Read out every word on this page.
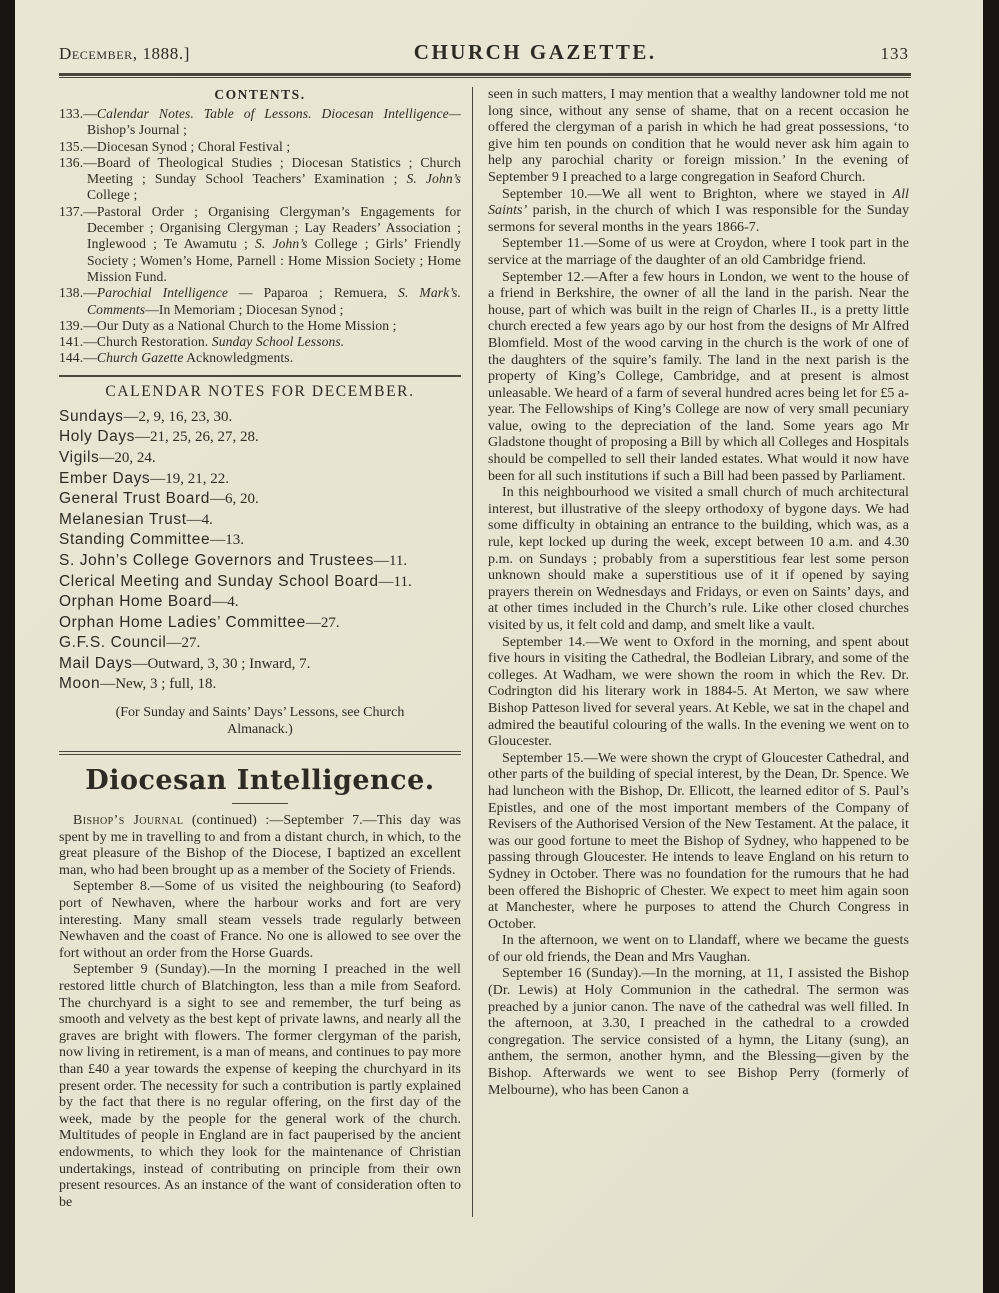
December, 1888.]	CHURCH GAZETTE.	133
CONTENTS.
133.—Calendar Notes. Table of Lessons. Diocesan Intelligence—Bishop’s Journal ;
135.—Diocesan Synod ; Choral Festival ;
136.—Board of Theological Studies ; Diocesan Statistics ; Church Meeting ; Sunday School Teachers’ Examination ; S. John’s College ;
137.—Pastoral Order ; Organising Clergyman’s Engagements for December ; Organising Clergyman ; Lay Readers’ Association ; Inglewood ; Te Awamutu ; S. John’s College ; Girls’ Friendly Society ; Women’s Home, Parnell : Home Mission Society ; Home Mission Fund.
138.—Parochial Intelligence — Paparoa ; Remuera, S. Mark’s. Comments—In Memoriam ; Diocesan Synod ;
139.—Our Duty as a National Church to the Home Mission ;
141.—Church Restoration. Sunday School Lessons.
144.—Church Gazette Acknowledgments.
CALENDAR NOTES FOR DECEMBER.
Sundays—2, 9, 16, 23, 30.
Holy Days—21, 25, 26, 27, 28.
Vigils—20, 24.
Ember Days—19, 21, 22.
General Trust Board—6, 20.
Melanesian Trust—4.
Standing Committee—13.
S. John’s College Governors and Trustees—11.
Clerical Meeting and Sunday School Board—11.
Orphan Home Board—4.
Orphan Home Ladies’ Committee—27.
G.F.S. Council—27.
Mail Days—Outward, 3, 30 ; Inward, 7.
Moon—New, 3 ; full, 18.
(For Sunday and Saints’ Days’ Lessons, see Church Almanack.)
Diocesan Intelligence.
Bishop’s Journal (continued) :—September 7.—This day was spent by me in travelling to and from a distant church, in which, to the great pleasure of the Bishop of the Diocese, I baptized an excellent man, who had been brought up as a member of the Society of Friends.
September 8.—Some of us visited the neighbouring (to Seaford) port of Newhaven, where the harbour works and fort are very interesting. Many small steam vessels trade regularly between Newhaven and the coast of France. No one is allowed to see over the fort without an order from the Horse Guards.
September 9 (Sunday).—In the morning I preached in the well restored little church of Blatchington, less than a mile from Seaford. The churchyard is a sight to see and remember, the turf being as smooth and velvety as the best kept of private lawns, and nearly all the graves are bright with flowers. The former clergyman of the parish, now living in retirement, is a man of means, and continues to pay more than £40 a year towards the expense of keeping the churchyard in its present order. The necessity for such a contribution is partly explained by the fact that there is no regular offering, on the first day of the week, made by the people for the general work of the church. Multitudes of people in England are in fact pauperised by the ancient endowments, to which they look for the maintenance of Christian undertakings, instead of contributing on principle from their own present resources. As an instance of the want of consideration often to be
seen in such matters, I may mention that a wealthy landowner told me not long since, without any sense of shame, that on a recent occasion he offered the clergyman of a parish in which he had great possessions, ‘to give him ten pounds on condition that he would never ask him again to help any parochial charity or foreign mission.’ In the evening of September 9 I preached to a large congregation in Seaford Church.
September 10.—We all went to Brighton, where we stayed in All Saints’ parish, in the church of which I was responsible for the Sunday sermons for several months in the years 1866-7.
September 11.—Some of us were at Croydon, where I took part in the service at the marriage of the daughter of an old Cambridge friend.
September 12.—After a few hours in London, we went to the house of a friend in Berkshire, the owner of all the land in the parish. Near the house, part of which was built in the reign of Charles II., is a pretty little church erected a few years ago by our host from the designs of Mr Alfred Blomfield. Most of the wood carving in the church is the work of one of the daughters of the squire’s family. The land in the next parish is the property of King’s College, Cambridge, and at present is almost unleasable. We heard of a farm of several hundred acres being let for £5 a-year. The Fellowships of King’s College are now of very small pecuniary value, owing to the depreciation of the land. Some years ago Mr Gladstone thought of proposing a Bill by which all Colleges and Hospitals should be compelled to sell their landed estates. What would it now have been for all such institutions if such a Bill had been passed by Parliament.
In this neighbourhood we visited a small church of much architectural interest, but illustrative of the sleepy orthodoxy of bygone days. We had some difficulty in obtaining an entrance to the building, which was, as a rule, kept locked up during the week, except between 10 a.m. and 4.30 p.m. on Sundays ; probably from a superstitious fear lest some person unknown should make a superstitious use of it if opened by saying prayers therein on Wednesdays and Fridays, or even on Saints’ days, and at other times included in the Church’s rule. Like other closed churches visited by us, it felt cold and damp, and smelt like a vault.
September 14.—We went to Oxford in the morning, and spent about five hours in visiting the Cathedral, the Bodleian Library, and some of the colleges. At Wadham, we were shown the room in which the Rev. Dr. Codrington did his literary work in 1884-5. At Merton, we saw where Bishop Patteson lived for several years. At Keble, we sat in the chapel and admired the beautiful colouring of the walls. In the evening we went on to Gloucester.
September 15.—We were shown the crypt of Gloucester Cathedral, and other parts of the building of special interest, by the Dean, Dr. Spence. We had luncheon with the Bishop, Dr. Ellicott, the learned editor of S. Paul’s Epistles, and one of the most important members of the Company of Revisers of the Authorised Version of the New Testament. At the palace, it was our good fortune to meet the Bishop of Sydney, who happened to be passing through Gloucester. He intends to leave England on his return to Sydney in October. There was no foundation for the rumours that he had been offered the Bishopric of Chester. We expect to meet him again soon at Manchester, where he purposes to attend the Church Congress in October.
In the afternoon, we went on to Llandaff, where we became the guests of our old friends, the Dean and Mrs Vaughan.
September 16 (Sunday).—In the morning, at 11, I assisted the Bishop (Dr. Lewis) at Holy Communion in the cathedral. The sermon was preached by a junior canon. The nave of the cathedral was well filled. In the afternoon, at 3.30, I preached in the cathedral to a crowded congregation. The service consisted of a hymn, the Litany (sung), an anthem, the sermon, another hymn, and the Blessing—given by the Bishop. Afterwards we went to see Bishop Perry (formerly of Melbourne), who has been Canon a
